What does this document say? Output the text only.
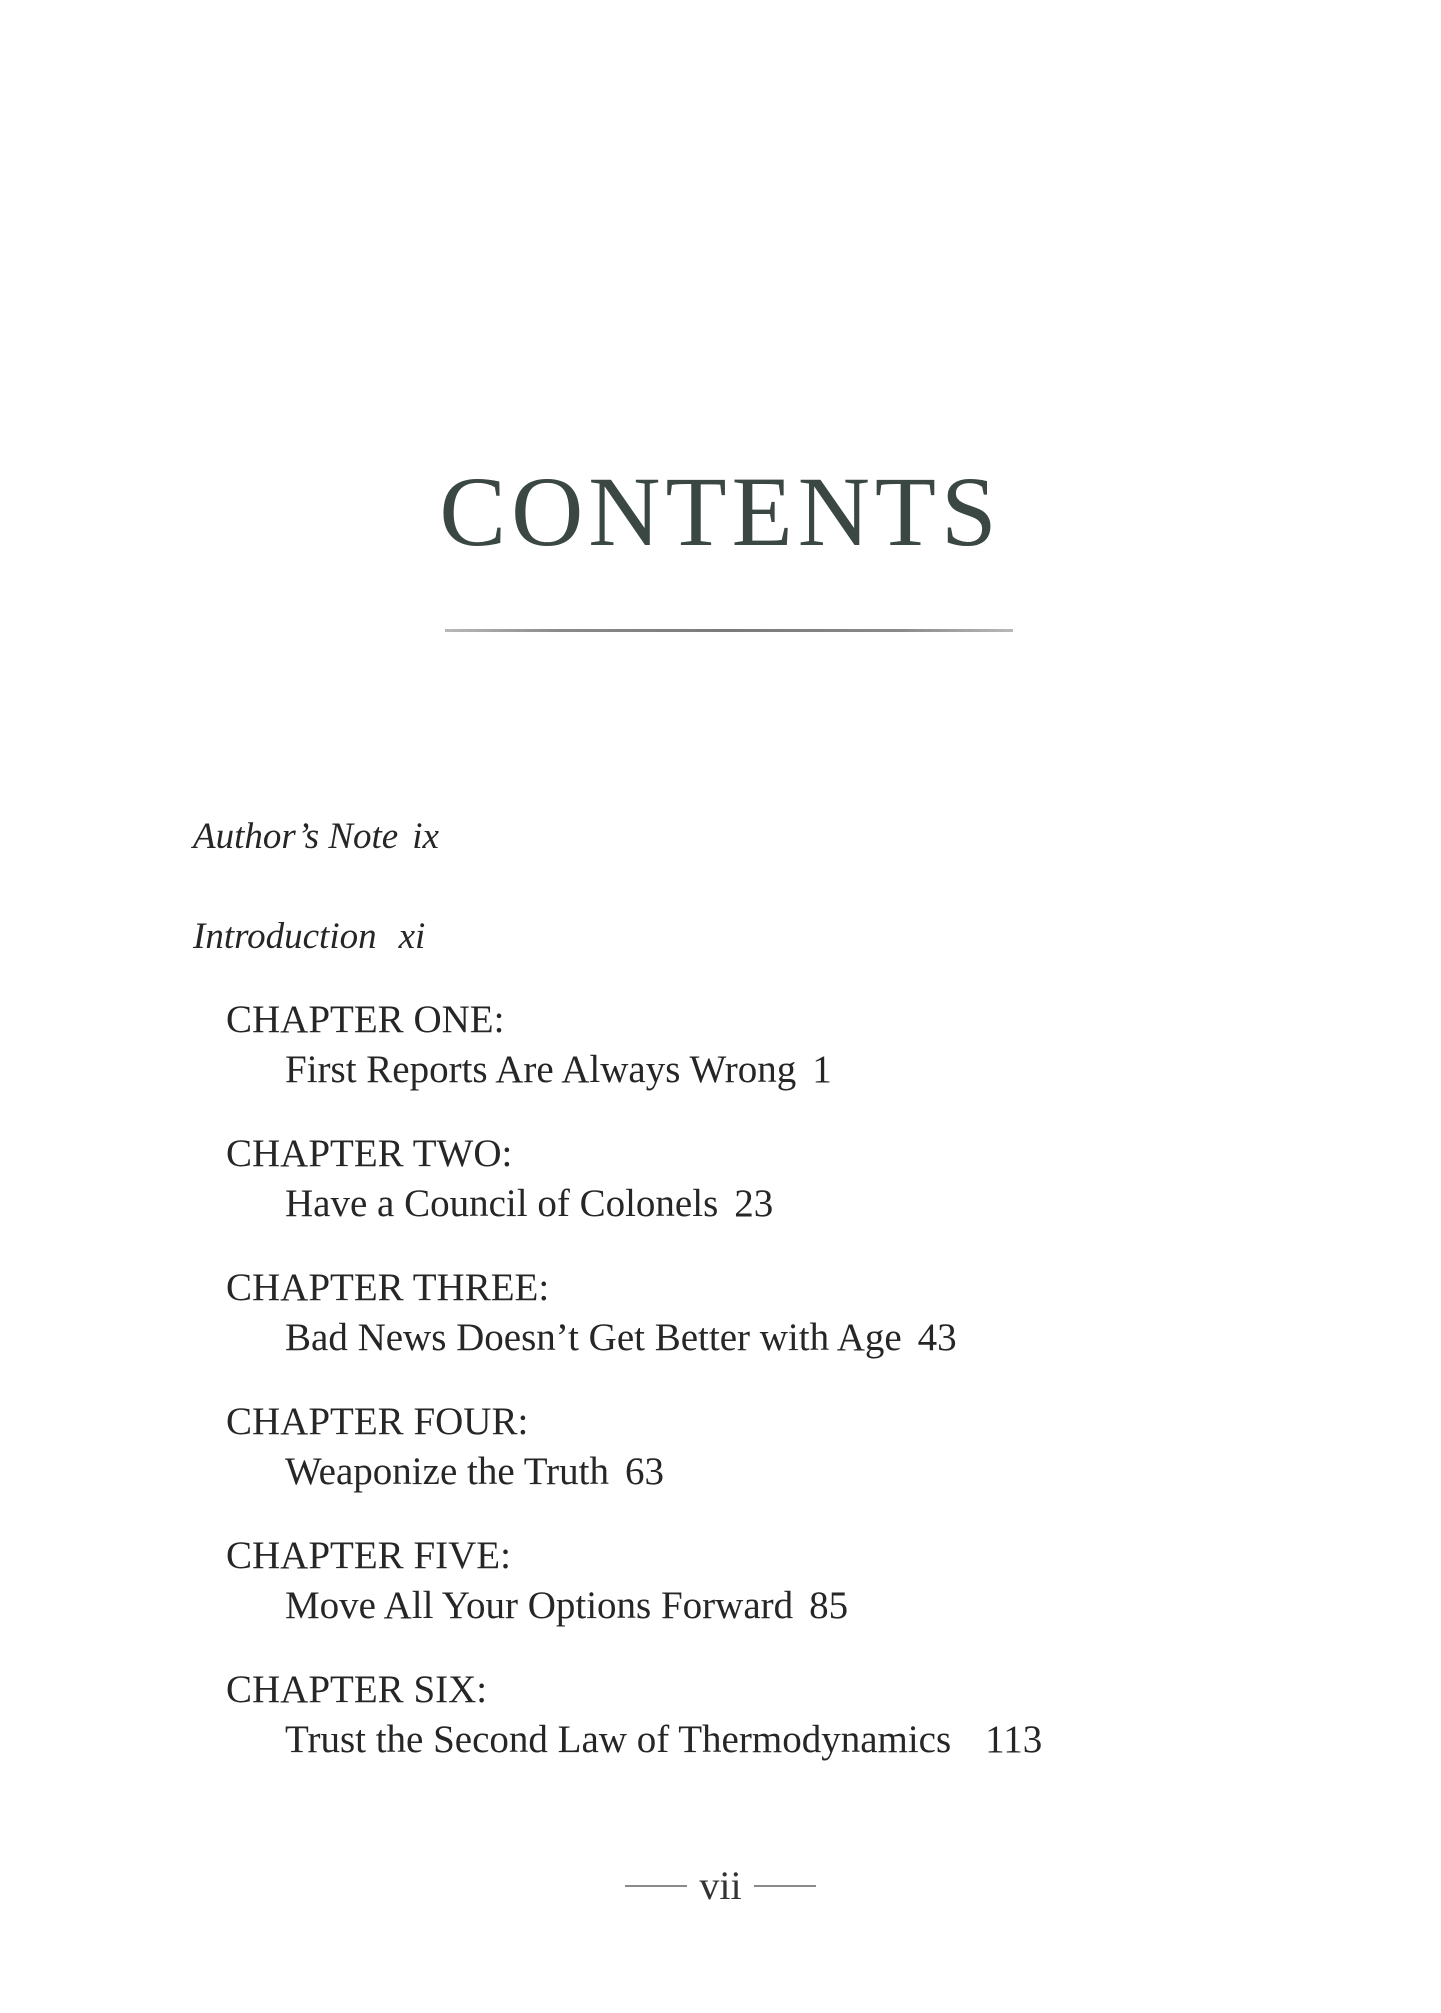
CONTENTS
Author’s Note ix
Introduction xi
CHAPTER ONE:
First Reports Are Always Wrong 1
CHAPTER TWO:
Have a Council of Colonels 23
CHAPTER THREE:
Bad News Doesn’t Get Better with Age 43
CHAPTER FOUR:
Weaponize the Truth 63
CHAPTER FIVE:
Move All Your Options Forward 85
CHAPTER SIX:
Trust the Second Law of Thermodynamics 113
vii
